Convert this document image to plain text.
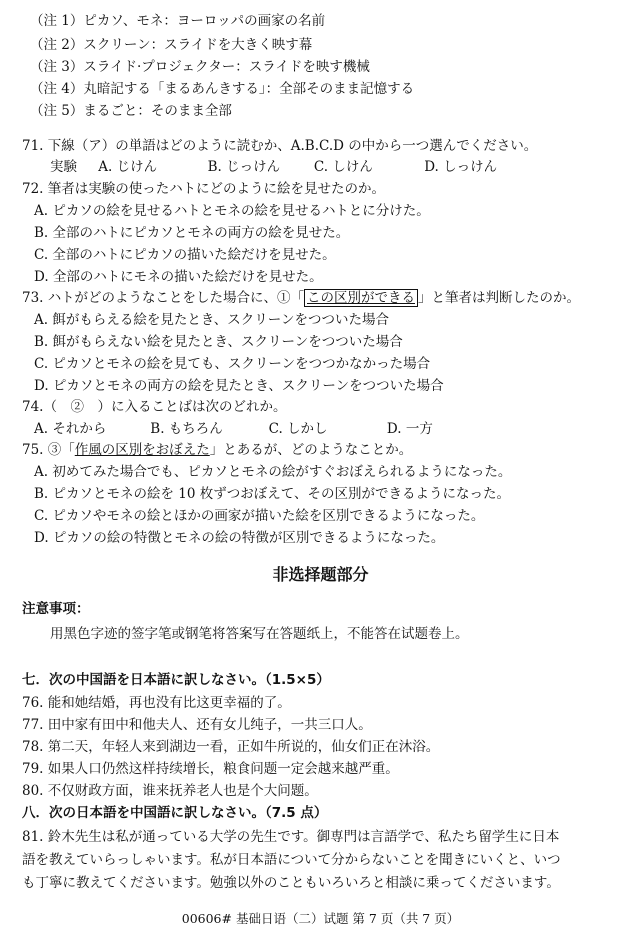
（注 1）ピカソ、モネ：ヨーロッパの画家の名前
（注 2）スクリーン：スライドを大きく映す幕
（注 3）スライド·プロジェクター：スライドを映す機械
（注 4）丸暗記する「まるあんきする」：全部そのまま記憶する
（注 5）まるごと：そのまま全部
71. 下線（ア）の単語はどのように読むか、A.B.C.D の中から一つ選んでください。
実験 A. じけん	B. じっけん	C. しけん	D. しっけん
72. 筆者は実験の使ったハトにどのように絵を見せたのか。
A. ピカソの絵を見せるハトとモネの絵を見せるハトとに分けた。
B. 全部のハトにピカソとモネの両方の絵を見せた。
C. 全部のハトにピカソの描いた絵だけを見せた。
D. 全部のハトにモネの描いた絵だけを見せた。
73. ハトがどのようなことをした場合に、①「 この区別ができる 」と筆者は判断したのか。
A. 餌がもらえる絵を見たとき、スクリーンをつついた場合
B. 餌がもらえない絵を見たとき、スクリーンをつついた場合
C. ピカソとモネの絵を見ても、スクリーンをつつかなかった場合
D. ピカソとモネの両方の絵を見たとき、スクリーンをつついた場合
74.（　②　）に入ることばは次のどれか。
A. それから	B. もちろん	C. しかし	D. 一方
75. ③「作風の区別をおぼえた」とあるが、どのようなことか。
A. 初めてみた場合でも、ピカソとモネの絵がすぐおぼえられるようになった。
B. ピカソとモネの絵を 10 枚ずつおぼえて、その区別ができるようになった。
C. ピカソやモネの絵とほかの画家が描いた絵を区別できるようになった。
D. ピカソの絵の特徴とモネの絵の特徴が区別できるようになった。
非选择题部分
注意事项：
用黑色字迹的签字笔或钢笔将答案写在答题纸上，不能答在试题卷上。
七．次の中国語を日本語に訳しなさい。（1.5×5）
76. 能和她结婚，再也没有比这更幸福的了。
77. 田中家有田中和他夫人、还有女儿纯子，一共三口人。
78. 第二天，年轻人来到湖边一看，正如牛所说的，仙女们正在沐浴。
79. 如果人口仍然这样持续增长，粮食问题一定会越来越严重。
80. 不仅财政方面，谁来抚养老人也是个大问题。
八．次の日本語を中国語に訳しなさい。（7.5 点）
81. 鈴木先生は私が通っている大学の先生です。御専門は言語学で、私たち留学生に日本
語を教えていらっしゃいます。私が日本語について分からないことを聞きにいくと、いつ
も丁寧に教えてくださいます。勉強以外のこともいろいろと相談に乗ってくださいます。
00606# 基础日语（二）试题 第 7 页（共 7 页）
